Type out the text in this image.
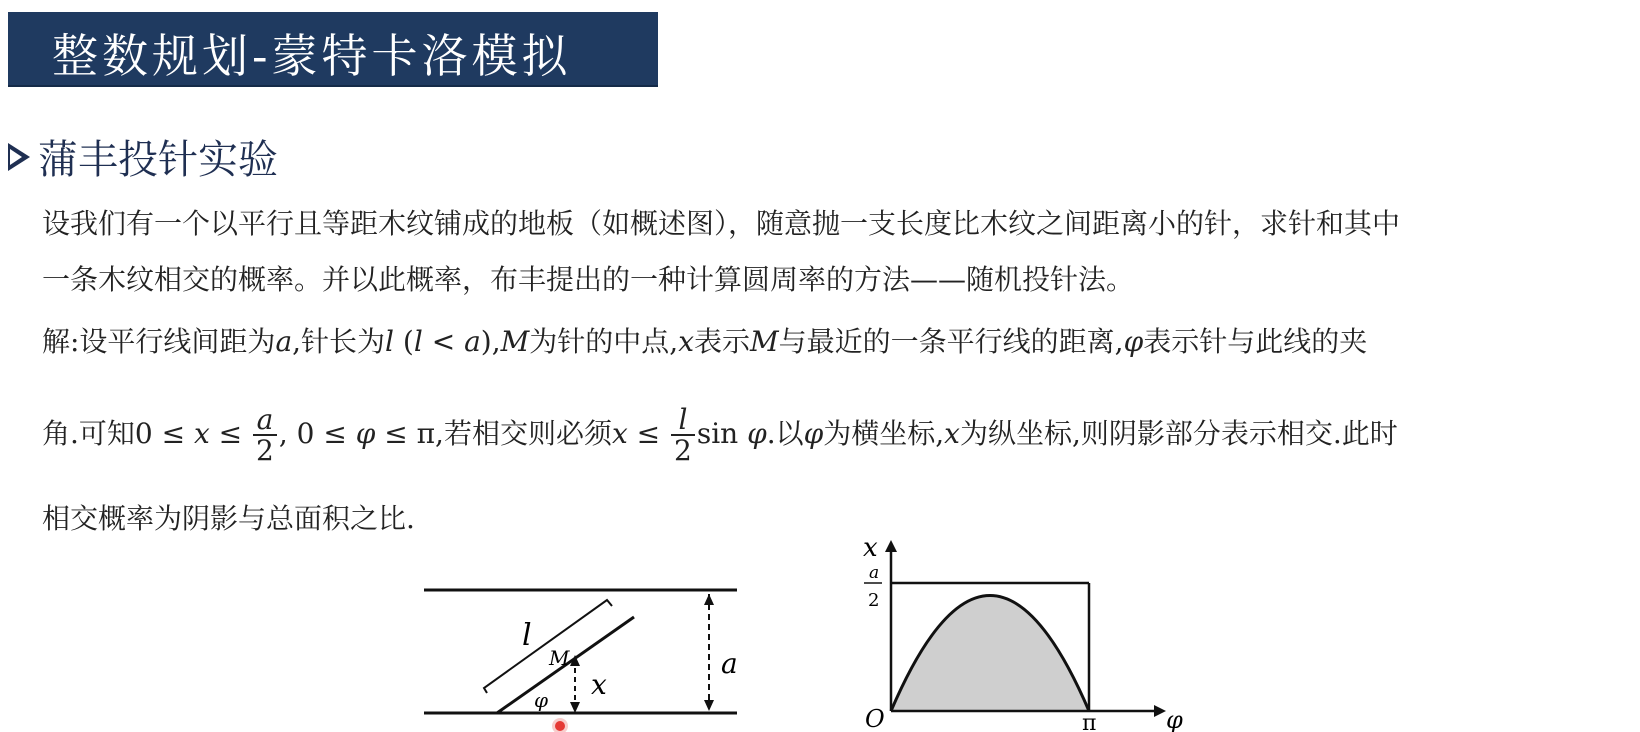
整数规划-蒙特卡洛模拟
蒲丰投针实验
设我们有一个以平行且等距木纹铺成的地板（如概述图），随意抛一支长度比木纹之间距离小的针，求针和其中
一条木纹相交的概率。并以此概率，布丰提出的一种计算圆周率的方法——随机投针法。
解:设平行线间距为a,针长为l (l < a),M为针的中点,x表示M与最近的一条平行线的距离,φ表示针与此线的夹
角.可知$0 \le x \le \frac{a}{2}$ , 0 ≤ φ ≤ π,若相交则必须$x \le \frac{l}{2}$ sin φ.以φ为横坐标,x为纵坐标,则阴影部分表示相交.此时
相交概率为阴影与总面积之比.
l
M
x
φ
a
x
φ
O	π
a
2
